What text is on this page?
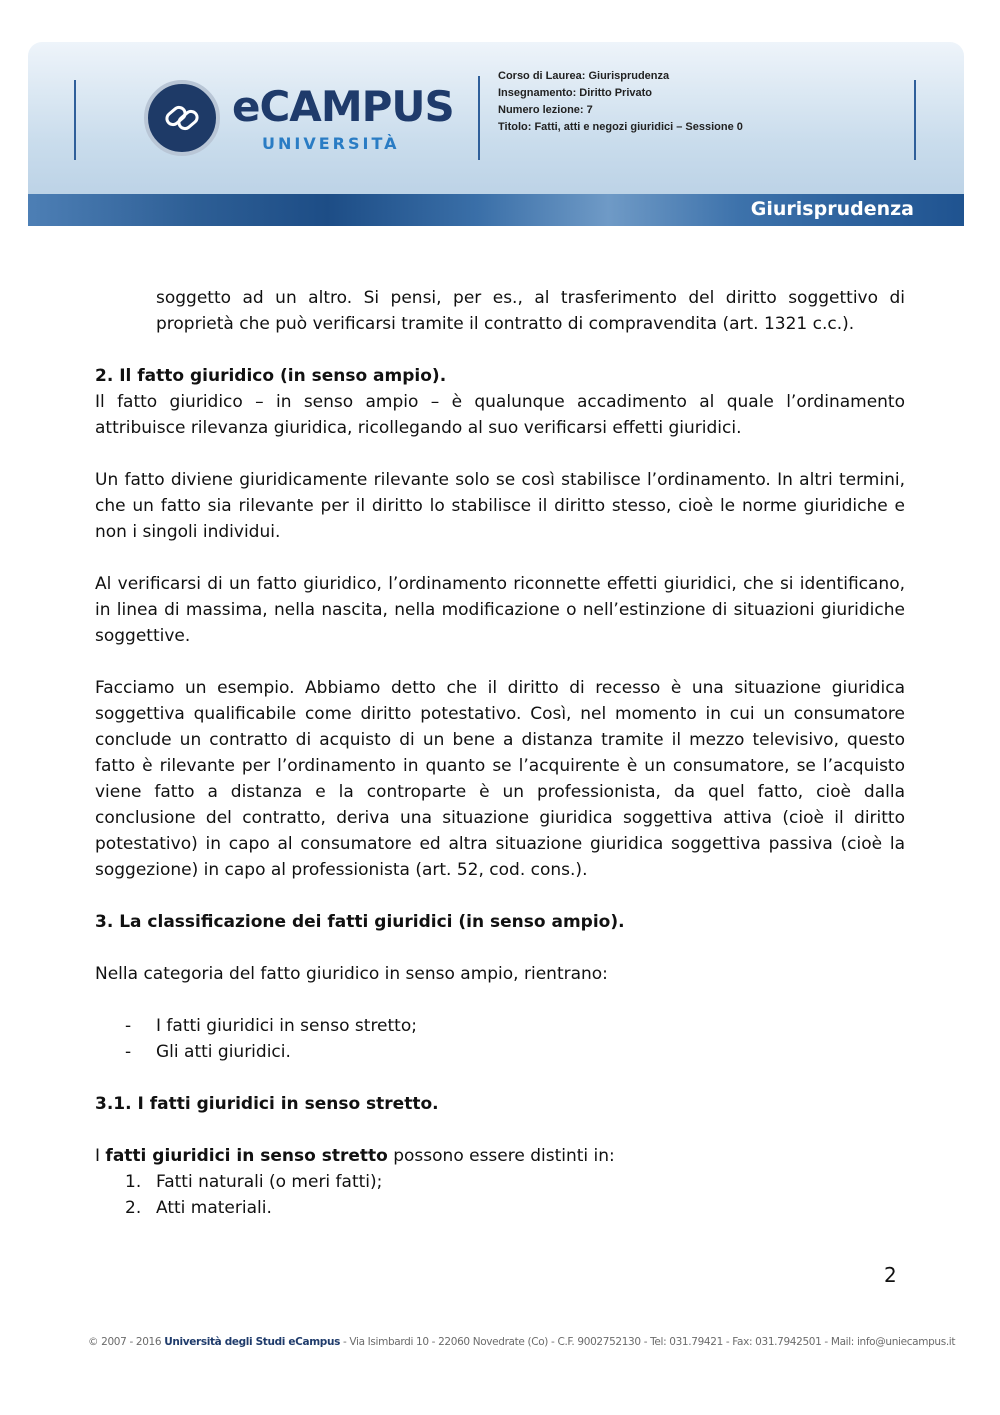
eCAMPUS
UNIVERSITÀ
Corso di Laurea: Giurisprudenza
Insegnamento: Diritto Privato
Numero lezione: 7
Titolo: Fatti, atti e negozi giuridici – Sessione 0
Giurisprudenza

soggetto ad un altro. Si pensi, per es., al trasferimento del diritto soggettivo di proprietà che può verificarsi tramite il contratto di compravendita (art. 1321 c.c.).

2. Il fatto giuridico (in senso ampio).

Il fatto giuridico – in senso ampio – è qualunque accadimento al quale l’ordinamento attribuisce rilevanza giuridica, ricollegando al suo verificarsi effetti giuridici.

Un fatto diviene giuridicamente rilevante solo se così stabilisce l’ordinamento. In altri termini, che un fatto sia rilevante per il diritto lo stabilisce il diritto stesso, cioè le norme giuridiche e non i singoli individui.

Al verificarsi di un fatto giuridico, l’ordinamento riconnette effetti giuridici, che si identificano, in linea di massima, nella nascita, nella modificazione o nell’estinzione di situazioni giuridiche soggettive.

Facciamo un esempio. Abbiamo detto che il diritto di recesso è una situazione giuridica soggettiva qualificabile come diritto potestativo. Così, nel momento in cui un consumatore conclude un contratto di acquisto di un bene a distanza tramite il mezzo televisivo, questo fatto è rilevante per l’ordinamento in quanto se l’acquirente è un consumatore, se l’acquisto viene fatto a distanza e la controparte è un professionista, da quel fatto, cioè dalla conclusione del contratto, deriva una situazione giuridica soggettiva attiva (cioè il diritto potestativo) in capo al consumatore ed altra situazione giuridica soggettiva passiva (cioè la soggezione) in capo al professionista (art. 52, cod. cons.).

3. La classificazione dei fatti giuridici (in senso ampio).

Nella categoria del fatto giuridico in senso ampio, rientrano:

- I fatti giuridici in senso stretto;
- Gli atti giuridici.

3.1. I fatti giuridici in senso stretto.

I fatti giuridici in senso stretto possono essere distinti in:

1. Fatti naturali (o meri fatti);
2. Atti materiali.
2
© 2007 - 2016 Università degli Studi eCampus - Via Isimbardi 10 - 22060 Novedrate (Co) - C.F. 9002752130 - Tel: 031.79421 - Fax: 031.7942501 - Mail: info@uniecampus.it
